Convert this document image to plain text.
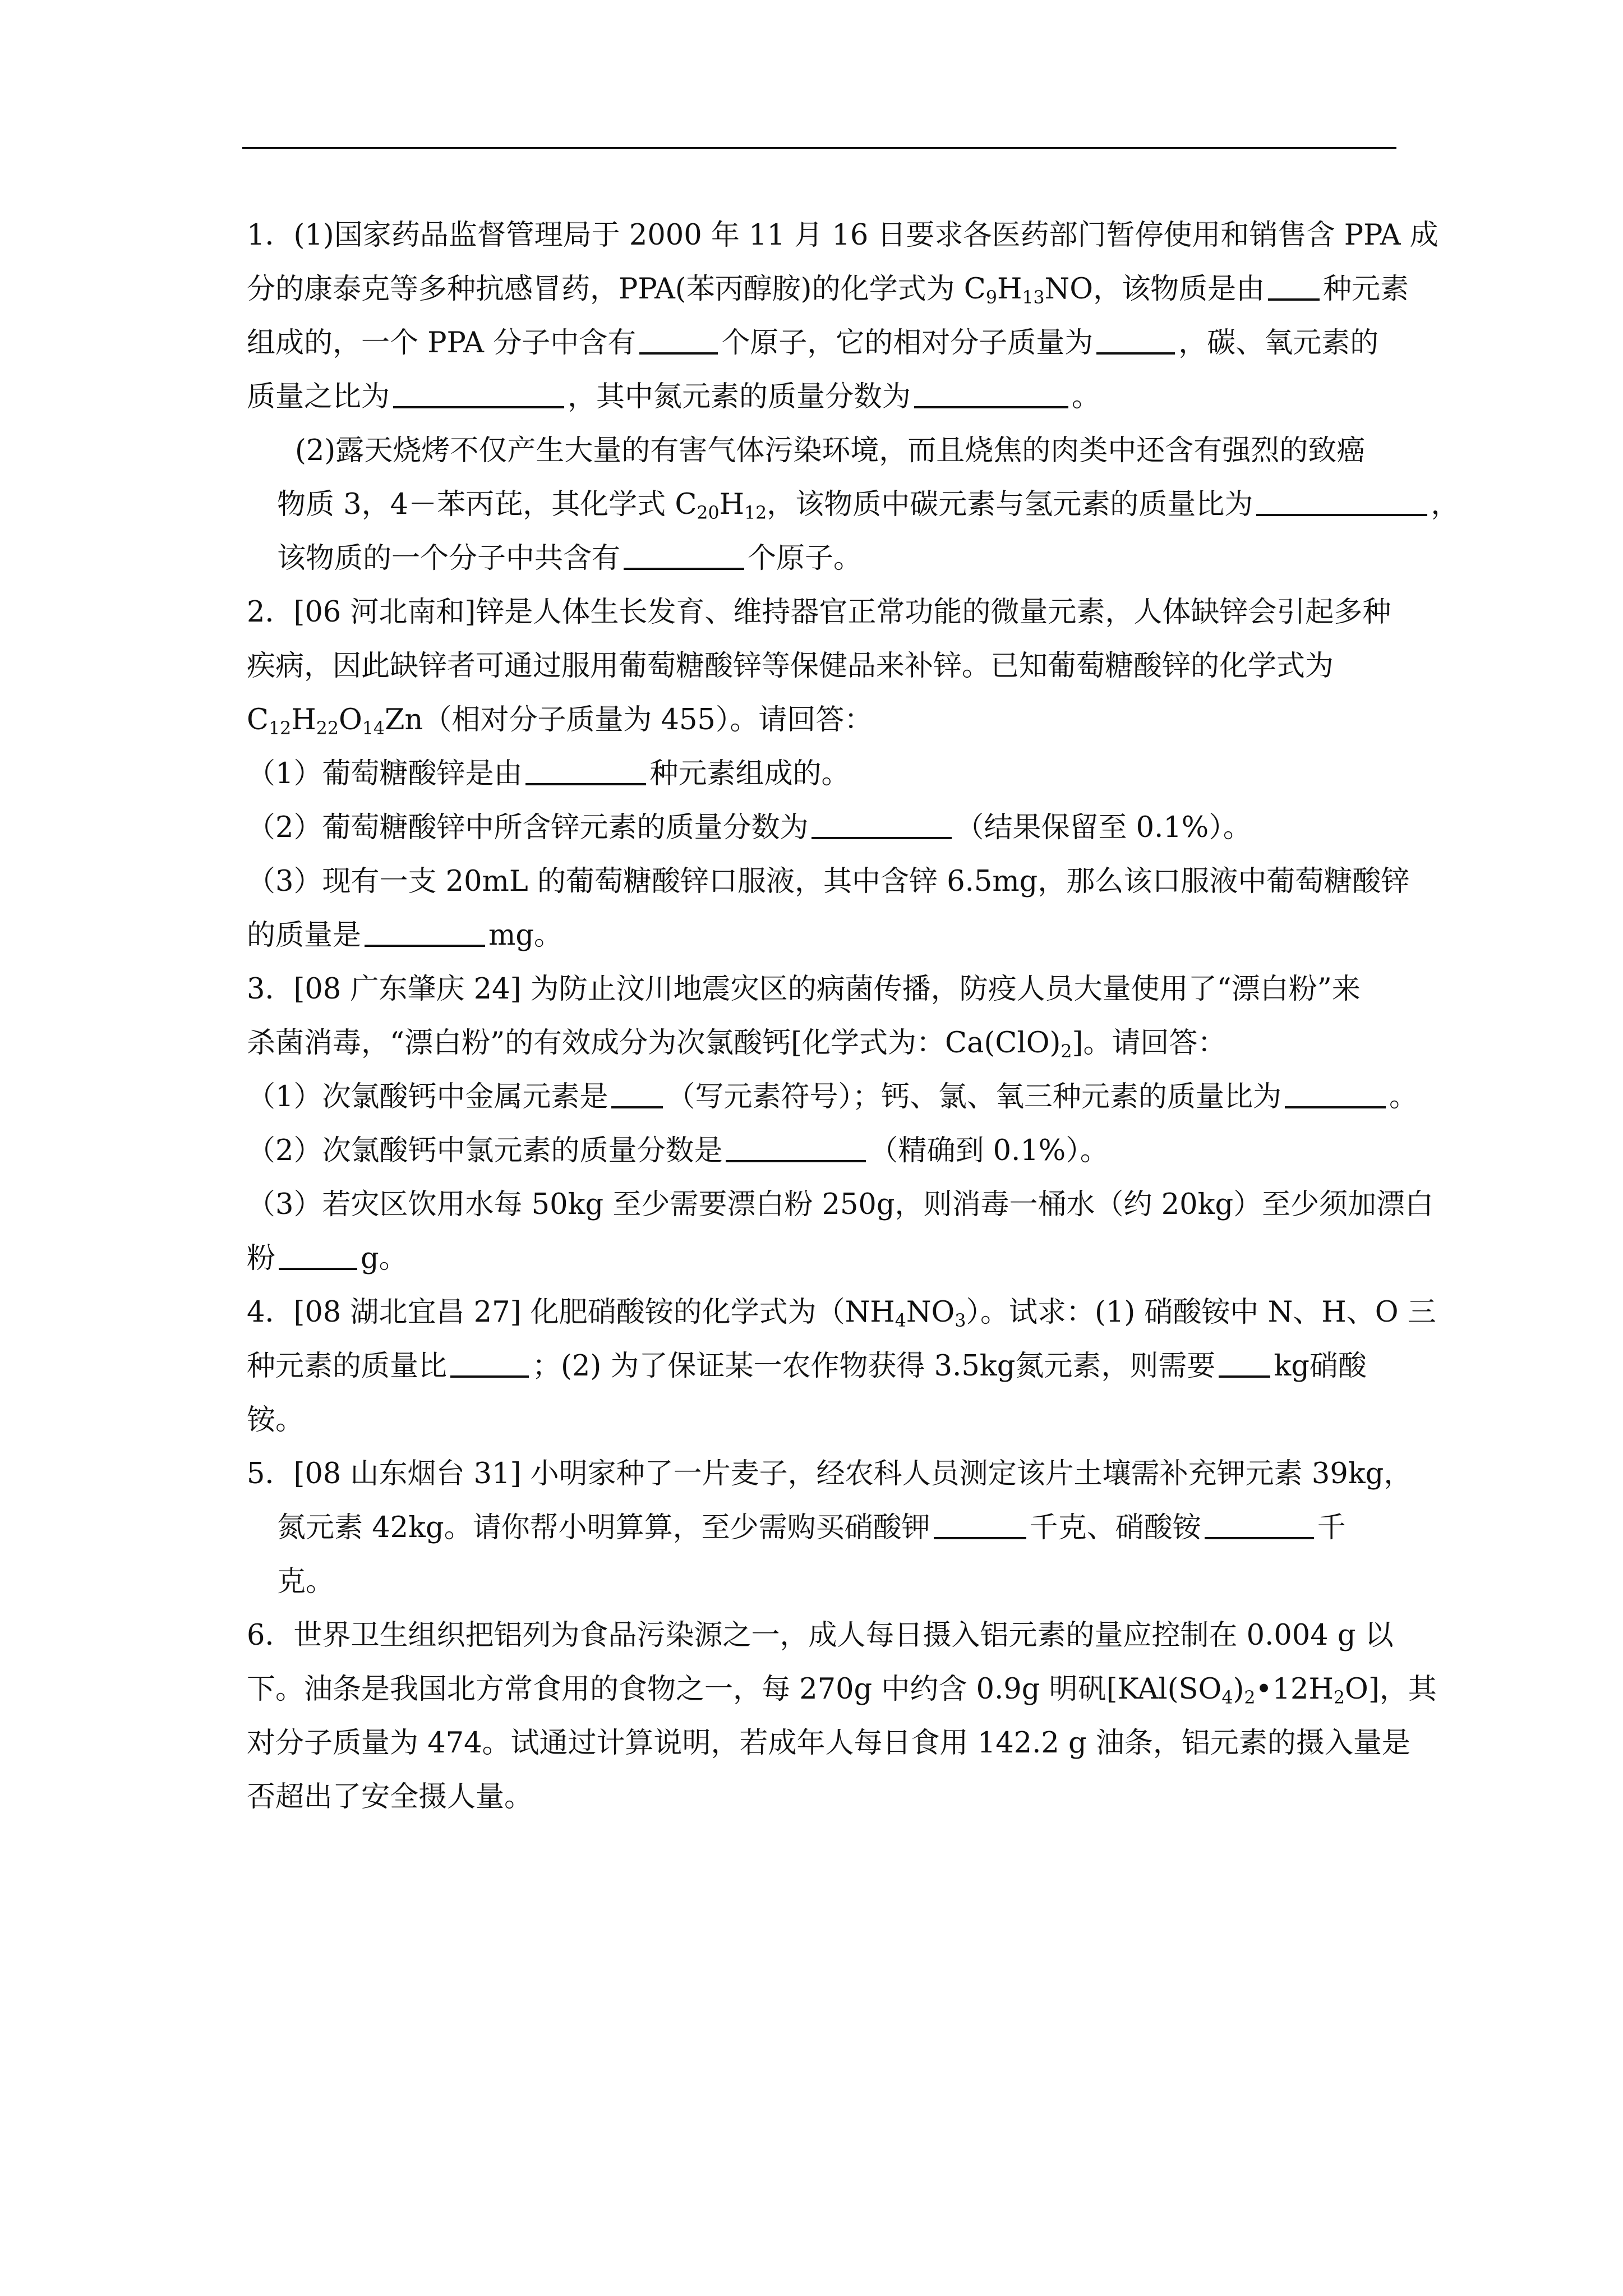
1．(1)国家药品监督管理局于 2000 年 11 月 16 日要求各医药部门暂停使用和销售含 PPA 成
分的康泰克等多种抗感冒药，PPA(苯丙醇胺)的化学式为 $C_9H_{13}NO$，该物质是由 种元素
组成的，一个 PPA 分子中含有	个原子，它的相对分子质量为	，碳、氧元素的
质量之比为	，其中氮元素的质量分数为	。
(2)露天烧烤不仅产生大量的有害气体污染环境，而且烧焦的肉类中还含有强烈的致癌
物质 3，4－苯丙芘，其化学式 $C_{20}H_{12}$，该物质中碳元素与氢元素的质量比为	，
该物质的一个分子中共含有	个原子。
2．[06 河北南和]锌是人体生长发育、维持器官正常功能的微量元素，人体缺锌会引起多种
疾病，因此缺锌者可通过服用葡萄糖酸锌等保健品来补锌。已知葡萄糖酸锌的化学式为
$C_{12}H_{22}O_{14}Zn$（相对分子质量为 455）。请回答：
（1）葡萄糖酸锌是由	种元素组成的。
（2）葡萄糖酸锌中所含锌元素的质量分数为	（结果保留至 0.1%）。
（3）现有一支 20mL 的葡萄糖酸锌口服液，其中含锌 6.5mg，那么该口服液中葡萄糖酸锌
的质量是	mg。
3．[08 广东肇庆 24] 为防止汶川地震灾区的病菌传播，防疫人员大量使用了“漂白粉”来
杀菌消毒，“漂白粉”的有效成分为次氯酸钙[化学式为：$Ca(ClO)_2$]。请回答：
（1）次氯酸钙中金属元素是 （写元素符号）；钙、氯、氧三种元素的质量比为	。
（2）次氯酸钙中氯元素的质量分数是	（精确到 0.1%）。
（3）若灾区饮用水每 50kg 至少需要漂白粉 250g，则消毒一桶水（约 20kg）至少须加漂白
粉	g。
4．[08 湖北宜昌 27] 化肥硝酸铵的化学式为$(NH_4NO_3)$。试求：(1) 硝酸铵中 N、H、O 三
种元素的质量比	；(2) 为了保证某一农作物获得 3.5kg氮元素，则需要 kg硝酸
铵。
5．[08 山东烟台 31] 小明家种了一片麦子，经农科人员测定该片土壤需补充钾元素 39kg，
氮元素 42kg。请你帮小明算算，至少需购买硝酸钾	千克、硝酸铵	千
克。
6．世界卫生组织把铝列为食品污染源之一，成人每日摄入铝元素的量应控制在 0.004 g 以
下。油条是我国北方常食用的食物之一，每 270g 中约含 0.9g 明矾$[KAl(SO_4)_2•12H_2O]$，其
对分子质量为 474。试通过计算说明，若成年人每日食用 142.2 g 油条，铝元素的摄入量是
否超出了安全摄人量。
